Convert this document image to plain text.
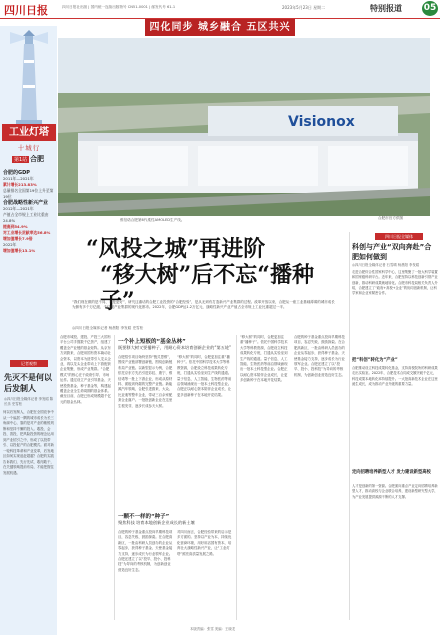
四川日报	四川日报社出版 | 国内统一连续出版物号 CN51-0001 | 邮发代号 61-1	2023年5月23日 星期二	特别报道 05
四化同步 城乡融合 五区共兴
工业灯塔
十城行
第1站 合肥
合肥的GDP
2011年—2021年
累计增长213.83%
总量排名全国第19位上升至第19位
合肥战略性新兴产业
2012年—2021年
产值占全市规上工业比重由24.8%
提高到54.9%
对工业增长贡献率达56.8%
增加值增长7.9倍
2022年
增加值增长13.1%
记者观察
先灭不是何以后发制人
◎四川日报全媒体记者 李发昭 陈长乐 史雪松
何以后发制人，合肥在全国竞争中从一个偏居一隅的城市成长为长三角副中心，靠的是对产业的敏锐判断和坚持不懈的投入。敢投、会投、善投，把风险投资的理念运用到产业招引之中，形成了以投带引、以投促产的合肥模式。面对新一轮科技革命和产业变革，后发地区如何实现追赶超越？合肥的实践告诉我们，先行先试、敢闯敢干，在关键领域提前布局，才能把握住发展机遇。
Visionox
维信诺合肥第6代柔性AMOLED生产线。	合肥市官方供图
“风投之城”再进阶
“移大树”后不忘“播种子”
“我们现在做的是不同、不是更好”，研究这番话的合肥工业投资的“合肥经验”，是从无到有打造新兴产业集群的过程。改革开放以来，合肥从一座工业基础薄弱的城市成长为拥有多个万亿级、千亿级产业集群的现代化都市。2022年，合肥GDP达1.2万亿元，战略性新兴产业产值占全市规上工业比重超过一半。
◎四川日报全媒体记者 杨晨阳 李发昭 史雪松
合肥市城投、建投、产投三大国有平台公司手握数千亿资产，组建了覆盖全产业链的基金矩阵。从京东方到蔚来，合肥用国有资本撬动社会资本，以资本为纽带引入龙头企业，再以龙头企业带动上下游配套企业集聚，形成产业集群。“合肥模式”的核心在于政府引导、市场运作。通过设立产业引导基金、天使投资基金、种子基金等，构建起覆盖企业全生命周期的基金体系。截至目前，合肥已形成规模超千亿元的基金丛林。
一个补上短板的“基金丛林”
既要移大树又要播种子，用耐心资本培育创新企业的“第五轮”
合肥招引项目始终坚持“链式思维”，围绕产业链部署创新链，围绕创新链布局产业链。以新型显示为例，合肥依托京东方先后引进彩虹、康宁、维信诺等一批上下游企业，形成从原材料、面板到终端的完整产业链。新能源汽车领域，合肥引进蔚来、大众、比亚迪等整车企业，带动三百余家配套企业落户。一批批创新企业在这里生根发芽，逐步长成参天大树。
“移大树”的同时，合肥更加注重“播种子”。依托中国科学技术大学等科教资源，合肥设立科技成果转化专班，打通从实验室到生产线的通道。量子信息、人工智能、生物医药等前沿领域涌现出一批本土科技型企业。合肥正以耐心资本陪伴企业成长，让更多创新种子在本地开花结果。
一颗不一样的“种子”
聚焦科技 培育本地创新企业成长的新土壤
合肥的种子基金重点投向早期科技项目，容忍失败、鼓励探索。在合肥高新区，一批由科研人员创办的企业从零起步，获得种子基金、天使基金接力支持，逐步成长为行业领军企业。合肥还建立了以“投早、投小、投科技”为导向的考核机制，为创新创业营造良好生态。
对四川而言，合肥经验带来的启示是多方面的。坚持以产业为本，持续优化营商环境，用好用活国有资本，培育壮大战略性新兴产业，让“工业灯塔”照亮高质量发展之路。
“移大树”的同时，合肥更加注重“播种子”。依托中国科学技术大学等科教资源，合肥设立科技成果转化专班，打通从实验室到生产线的通道。量子信息、人工智能、生物医药等前沿领域涌现出一批本土科技型企业。合肥正以耐心资本陪伴企业成长，让更多创新种子在本地开花结果。
合肥的种子基金重点投向早期科技项目，容忍失败、鼓励探索。在合肥高新区，一批由科研人员创办的企业从零起步，获得种子基金、天使基金接力支持，逐步成长为行业领军企业。合肥还建立了以“投早、投小、投科技”为导向的考核机制，为创新创业营造良好生态。
四川日报全媒体
科创与产业“双向奔赴”合肥如何做到
◎四川日报全媒体记者 石雪晴 杨晨阳 李发昭
走进合肥综合性国家科学中心，这里集聚了一批大科学装置和国家级科研平台。近年来，合肥坚持以科技创新引领产业创新，推动科研成果就地转化。合肥市科技局相关负责人介绍，合肥建立了“政府+高校+企业”的协同创新机制，让科学家和企业家紧密合作。
把“科创”转化为“产业”
合肥推动设立科技成果转化基金，支持高校院所的科研成果走出实验室。2022年，合肥技术合同成交额突破千亿元，科技成果本地转化率持续提升。一大批高新技术企业在这里诞生成长，成为推动产业升级的重要力量。
定向招聘培养新型人才 发力建设新型高校
人才是创新的第一资源。合肥面向重点产业定向招聘培养新型人才，推动高校与企业联合培养，建设新型研究型大学，为产业发展提供源源不断的人才支撑。
本版责编：张雪 美编：王晓龙
